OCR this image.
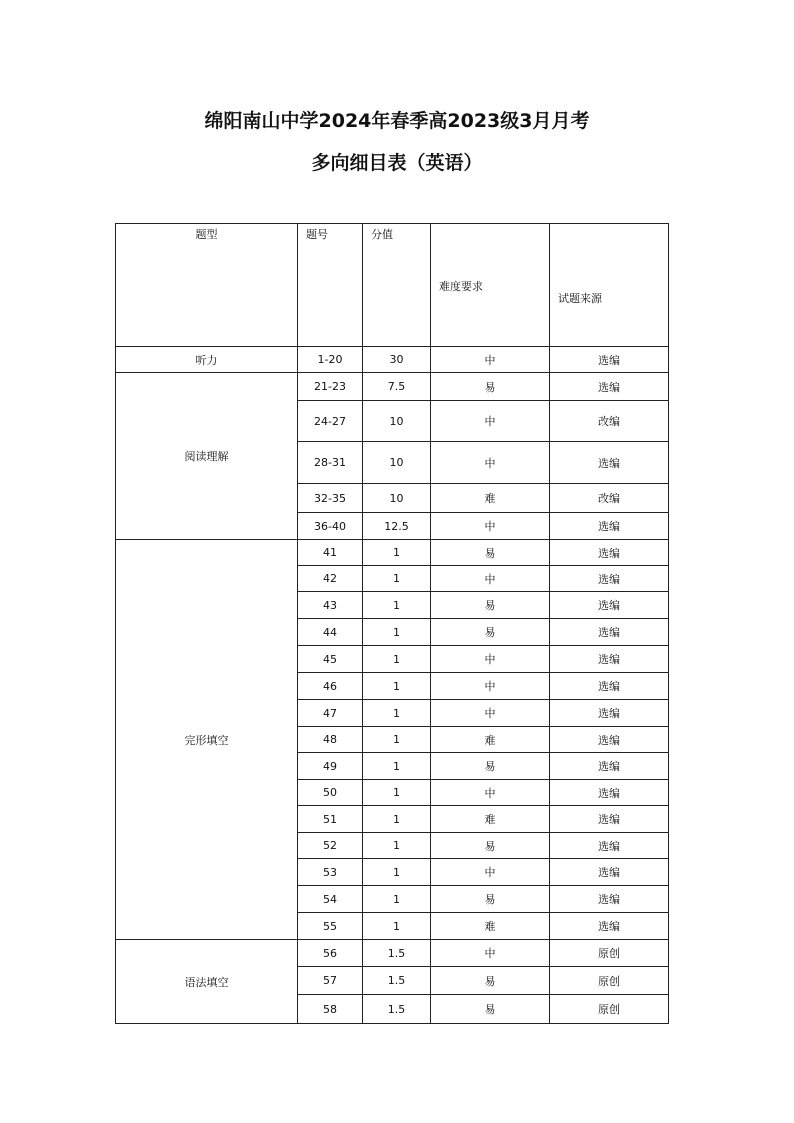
绵阳南山中学2024年春季高2023级3月月考
多向细目表（英语）
题型	题号	分值	难度要求	试题来源
听力	1-20	30	中	选编
阅读理解	21-23	7.5	易	选编
	24-27	10	中	改编
	28-31	10	中	选编
	32-35	10	难	改编
	36-40	12.5	中	选编
完形填空	41	1	易	选编
	42	1	中	选编
	43	1	易	选编
	44	1	易	选编
	45	1	中	选编
	46	1	中	选编
	47	1	中	选编
	48	1	难	选编
	49	1	易	选编
	50	1	中	选编
	51	1	难	选编
	52	1	易	选编
	53	1	中	选编
	54	1	易	选编
	55	1	难	选编
语法填空	56	1.5	中	原创
	57	1.5	易	原创
	58	1.5	易	原创
